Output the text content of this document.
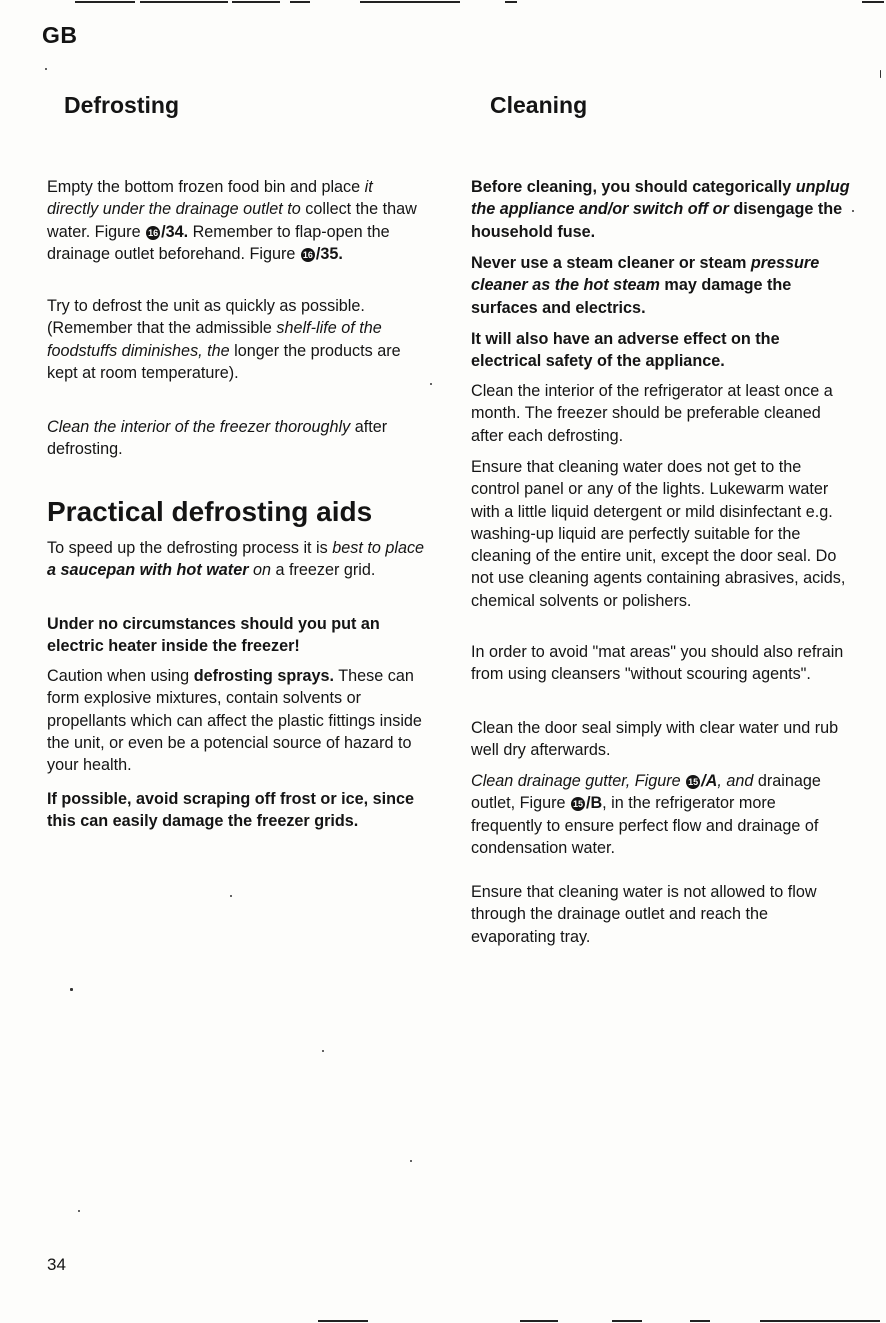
GB
Defrosting

Empty the bottom frozen food bin and place it directly under the drainage outlet to collect the thaw water. Figure 16 /34. Remember to flap-open the drainage outlet beforehand. Figure 16 /35.

Try to defrost the unit as quickly as possible. (Remember that the admissible shelf-life of the foodstuffs diminishes, the longer the products are kept at room temperature).

Clean the interior of the freezer thoroughly after defrosting.

Practical defrosting aids

To speed up the defrosting process it is best to place a saucepan with hot water on a freezer grid.

Under no circumstances should you put an electric heater inside the freezer!

Caution when using defrosting sprays. These can form explosive mixtures, contain solvents or propellants which can affect the plastic fittings inside the unit, or even be a potencial source of hazard to your health.

If possible, avoid scraping off frost or ice, since this can easily damage the freezer grids.

Cleaning

Before cleaning, you should categorically unplug the appliance and/or switch off or disengage the household fuse.

Never use a steam cleaner or steam pressure cleaner as the hot steam may damage the surfaces and electrics.

It will also have an adverse effect on the electrical safety of the appliance.

Clean the interior of the refrigerator at least once a month. The freezer should be preferable cleaned after each defrosting.

Ensure that cleaning water does not get to the control panel or any of the lights. Lukewarm water with a little liquid detergent or mild disinfectant e.g. washing-up liquid are perfectly suitable for the cleaning of the entire unit, except the door seal. Do not use cleaning agents containing abrasives, acids, chemical solvents or polishers.

In order to avoid "mat areas" you should also refrain from using cleansers "without scouring agents".

Clean the door seal simply with clear water und rub well dry afterwards.

Clean drainage gutter, Figure 15 /A, and drainage outlet, Figure 15 /B, in the refrigerator more frequently to ensure perfect flow and drainage of condensation water.

Ensure that cleaning water is not allowed to flow through the drainage outlet and reach the evaporating tray.

34
